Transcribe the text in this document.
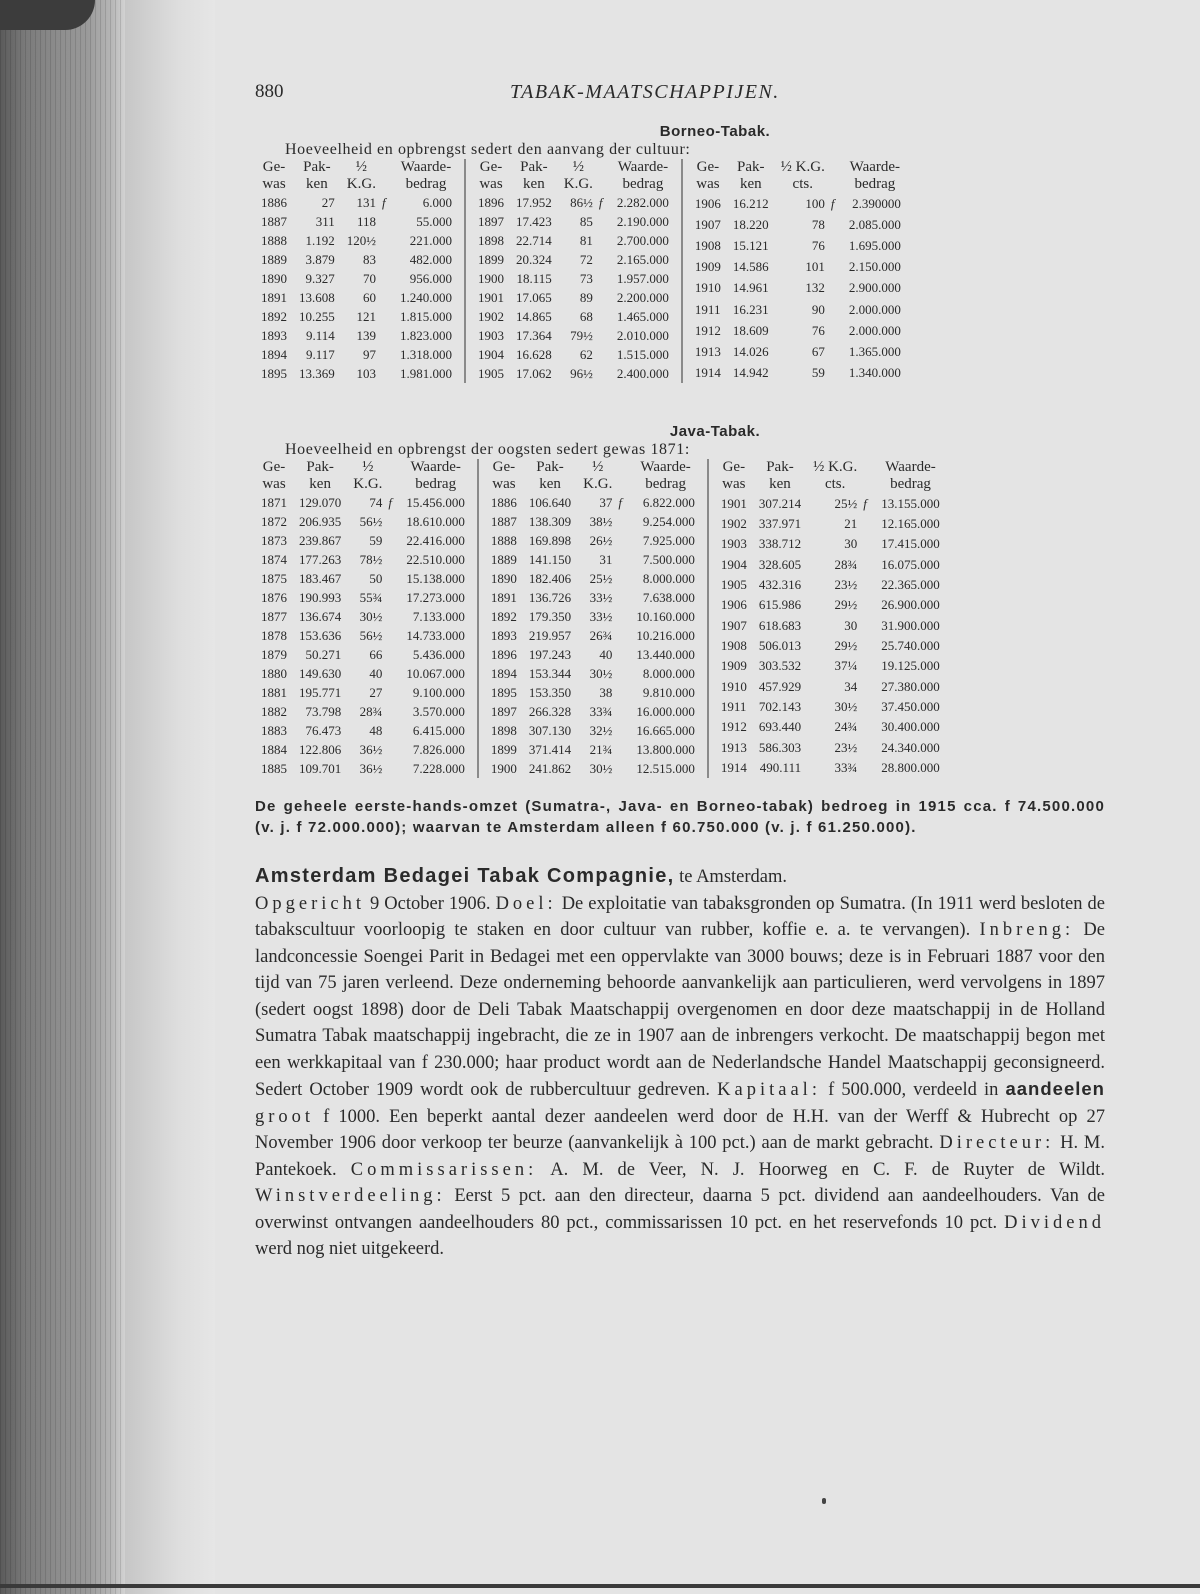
880	TABAK-MAATSCHAPPIJEN.
Borneo-Tabak.
Hoeveelheid en opbrengst sedert den aanvang der cultuur:
Ge-	Pak-	½		Waarde-
was	ken	K.G.		bedrag
1886	27	131	f	6.000
1887	311	118		55.000
1888	1.192	120½		221.000
1889	3.879	83		482.000
1890	9.327	70		956.000
1891	13.608	60		1.240.000
1892	10.255	121		1.815.000
1893	9.114	139		1.823.000
1894	9.117	97		1.318.000
1895	13.369	103		1.981.000
Ge-	Pak-	½		Waarde-
was	ken	K.G.		bedrag
1896	17.952	86½	f	2.282.000
1897	17.423	85		2.190.000
1898	22.714	81		2.700.000
1899	20.324	72		2.165.000
1900	18.115	73		1.957.000
1901	17.065	89		2.200.000
1902	14.865	68		1.465.000
1903	17.364	79½		2.010.000
1904	16.628	62		1.515.000
1905	17.062	96½		2.400.000
Ge-	Pak-	½ K.G.		Waarde-
was	ken	cts.		bedrag
1906	16.212	100	f	2.390000
1907	18.220	78		2.085.000
1908	15.121	76		1.695.000
1909	14.586	101		2.150.000
1910	14.961	132		2.900.000
1911	16.231	90		2.000.000
1912	18.609	76		2.000.000
1913	14.026	67		1.365.000
1914	14.942	59		1.340.000
Java-Tabak.
Hoeveelheid en opbrengst der oogsten sedert gewas 1871:
Ge-	Pak-	½		Waarde-
was	ken	K.G.		bedrag
1871	129.070	74	f	15.456.000
1872	206.935	56½		18.610.000
1873	239.867	59		22.416.000
1874	177.263	78½		22.510.000
1875	183.467	50		15.138.000
1876	190.993	55¾		17.273.000
1877	136.674	30½		7.133.000
1878	153.636	56½		14.733.000
1879	50.271	66		5.436.000
1880	149.630	40		10.067.000
1881	195.771	27		9.100.000
1882	73.798	28¾		3.570.000
1883	76.473	48		6.415.000
1884	122.806	36½		7.826.000
1885	109.701	36½		7.228.000
Ge-	Pak-	½		Waarde-
was	ken	K.G.		bedrag
1886	106.640	37	f	6.822.000
1887	138.309	38½		9.254.000
1888	169.898	26½		7.925.000
1889	141.150	31		7.500.000
1890	182.406	25½		8.000.000
1891	136.726	33½		7.638.000
1892	179.350	33½		10.160.000
1893	219.957	26¾		10.216.000
1896	197.243	40		13.440.000
1894	153.344	30½		8.000.000
1895	153.350	38		9.810.000
1897	266.328	33¾		16.000.000
1898	307.130	32½		16.665.000
1899	371.414	21¾		13.800.000
1900	241.862	30½		12.515.000
Ge-	Pak-	½ K.G.		Waarde-
was	ken	cts.		bedrag
1901	307.214	25½	f	13.155.000
1902	337.971	21		12.165.000
1903	338.712	30		17.415.000
1904	328.605	28¾		16.075.000
1905	432.316	23½		22.365.000
1906	615.986	29½		26.900.000
1907	618.683	30		31.900.000
1908	506.013	29½		25.740.000
1909	303.532	37¼		19.125.000
1910	457.929	34		27.380.000
1911	702.143	30½		37.450.000
1912	693.440	24¾		30.400.000
1913	586.303	23½		24.340.000
1914	490.111	33¾		28.800.000
De geheele eerste-hands-omzet (Sumatra-, Java- en Borneo-tabak) bedroeg in 1915 cca. f 74.500.000 (v. j. f 72.000.000); waarvan te Amsterdam alleen f 60.750.000 (v. j. f 61.250.000).
Amsterdam Bedagei Tabak Compagnie, te Amsterdam.
Opgericht 9 October 1906. Doel: De exploitatie van tabaksgronden op Sumatra. (In 1911 werd besloten de tabakscultuur voorloopig te staken en door cultuur van rubber, koffie e. a. te vervangen). Inbreng: De landconcessie Soengei Parit in Bedagei met een oppervlakte van 3000 bouws; deze is in Februari 1887 voor den tijd van 75 jaren verleend. Deze onderneming behoorde aanvankelijk aan particulieren, werd vervolgens in 1897 (sedert oogst 1898) door de Deli Tabak Maatschappij overgenomen en door deze maatschappij in de Holland Sumatra Tabak maatschappij ingebracht, die ze in 1907 aan de inbrengers verkocht. De maatschappij begon met een werkkapitaal van f 230.000; haar product wordt aan de Nederlandsche Handel Maatschappij geconsigneerd. Sedert October 1909 wordt ook de rubbercultuur gedreven. Kapitaal: f 500.000, verdeeld in aandeelen groot f 1000. Een beperkt aantal dezer aandeelen werd door de H.H. van der Werff & Hubrecht op 27 November 1906 door verkoop ter beurze (aanvankelijk à 100 pct.) aan de markt gebracht. Directeur: H. M. Pantekoek. Commissarissen: A. M. de Veer, N. J. Hoorweg en C. F. de Ruyter de Wildt. Winstverdeeling: Eerst 5 pct. aan den directeur, daarna 5 pct. dividend aan aandeelhouders. Van de overwinst ontvangen aandeelhouders 80 pct., commissarissen 10 pct. en het reservefonds 10 pct. Dividend werd nog niet uitgekeerd.
